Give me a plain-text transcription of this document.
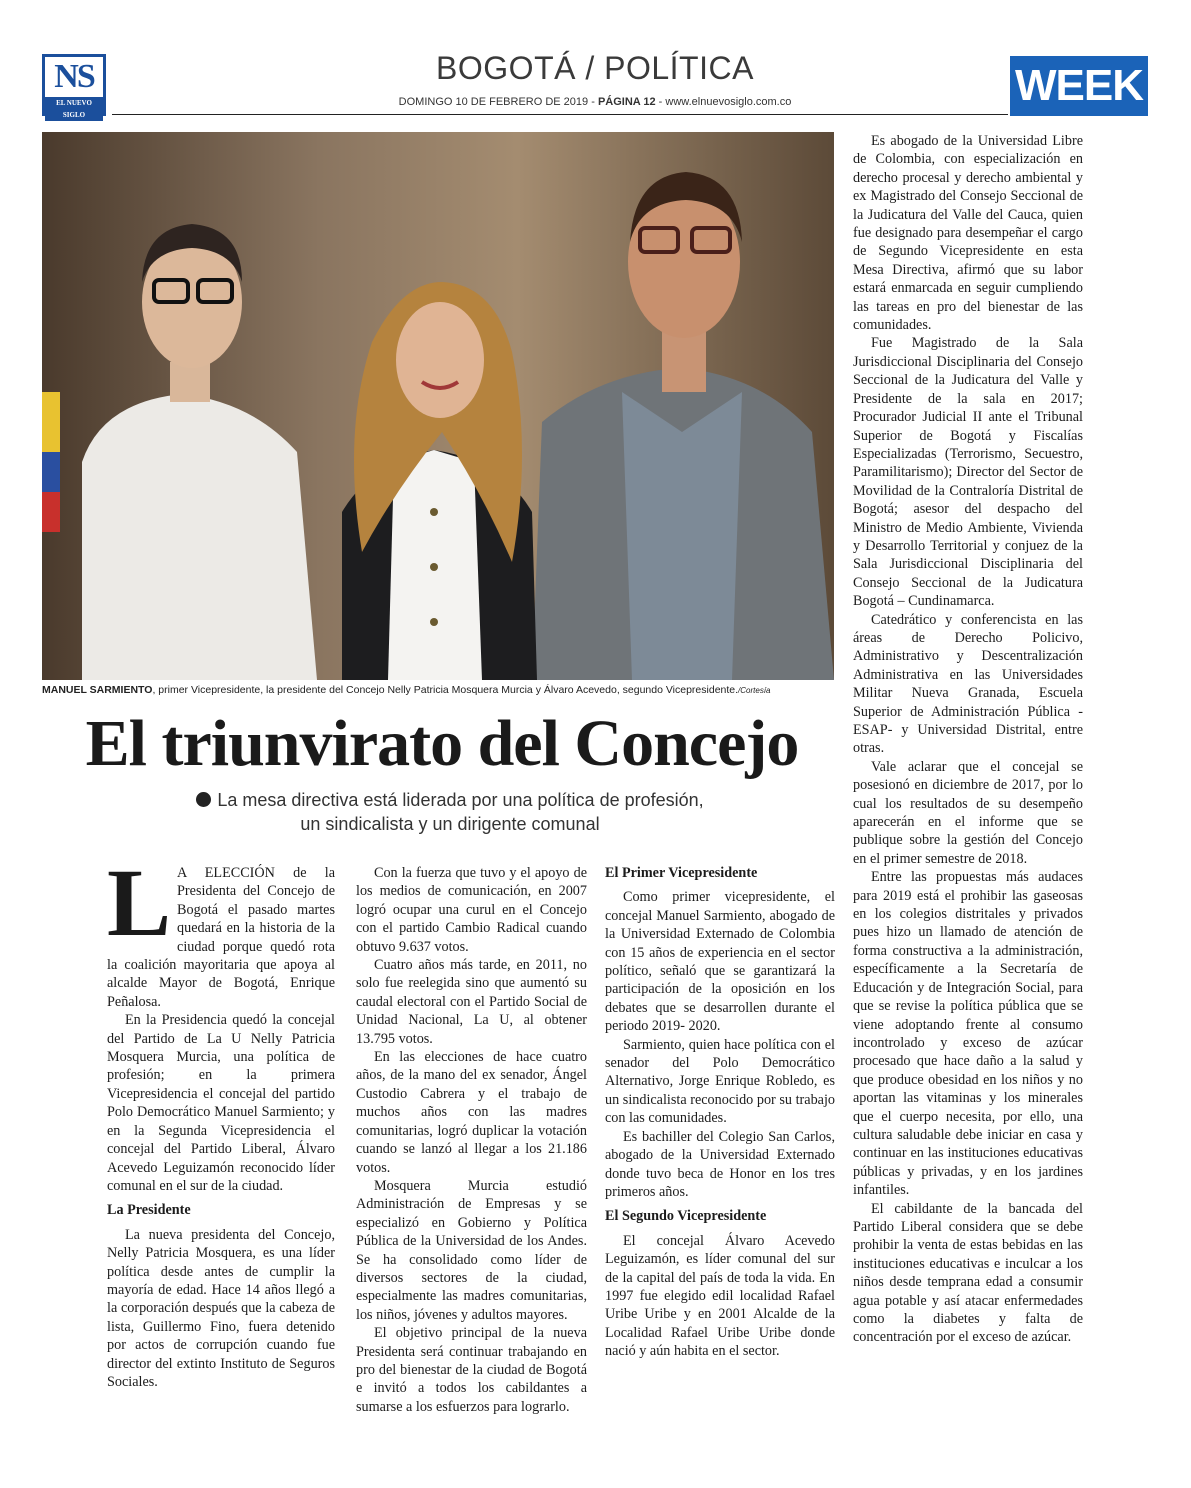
NS
EL NUEVO SIGLO
BOGOTÁ / POLÍTICA
DOMINGO 10 DE FEBRERO DE 2019 - PÁGINA 12 - www.elnuevosiglo.com.co	WEEK
MANUEL SARMIENTO, primer Vicepresidente, la presidente del Concejo Nelly Patricia Mosquera Murcia y Álvaro Acevedo, segundo Vicepresidente./Cortesía
El triunvirato del Concejo
La mesa directiva está liderada por una política de profesión,
un sindicalista y un dirigente comunal

L A ELECCIÓN de la Presidenta del Concejo de Bogotá el pasado martes quedará en la historia de la ciudad porque quedó rota la coalición mayoritaria que apoya al alcalde Mayor de Bogotá, Enrique Peñalosa.

En la Presidencia quedó la concejal del Partido de La U Nelly Patricia Mosquera Murcia, una política de profesión; en la primera Vicepresidencia el concejal del partido Polo Democrático Manuel Sarmiento; y en la Segunda Vicepresidencia el concejal del Partido Liberal, Álvaro Acevedo Leguizamón reconocido líder comunal en el sur de la ciudad.

La Presidente

La nueva presidenta del Concejo, Nelly Patricia Mosquera, es una líder política desde antes de cumplir la mayoría de edad. Hace 14 años llegó a la corporación después que la cabeza de lista, Guillermo Fino, fuera detenido por actos de corrupción cuando fue director del extinto Instituto de Seguros Sociales.

Con la fuerza que tuvo y el apoyo de los medios de comunicación, en 2007 logró ocupar una curul en el Concejo con el partido Cambio Radical cuando obtuvo 9.637 votos.

Cuatro años más tarde, en 2011, no solo fue reelegida sino que aumentó su caudal electoral con el Partido Social de Unidad Nacional, La U, al obtener 13.795 votos.

En las elecciones de hace cuatro años, de la mano del ex senador, Ángel Custodio Cabrera y el trabajo de muchos años con las madres comunitarias, logró duplicar la votación cuando se lanzó al llegar a los 21.186 votos.

Mosquera Murcia estudió Administración de Empresas y se especializó en Gobierno y Política Pública de la Universidad de los Andes. Se ha consolidado como líder de diversos sectores de la ciudad, especialmente las madres comunitarias, los niños, jóvenes y adultos mayores.

El objetivo principal de la nueva Presidenta será continuar trabajando en pro del bienestar de la ciudad de Bogotá e invitó a todos los cabildantes a sumarse a los esfuerzos para lograrlo.

El Primer Vicepresidente

Como primer vicepresidente, el concejal Manuel Sarmiento, abogado de la Universidad Externado de Colombia con 15 años de experiencia en el sector político, señaló que se garantizará la participación de la oposición en los debates que se desarrollen durante el periodo 2019- 2020.

Sarmiento, quien hace política con el senador del Polo Democrático Alternativo, Jorge Enrique Robledo, es un sindicalista reconocido por su trabajo con las comunidades.

Es bachiller del Colegio San Carlos, abogado de la Universidad Externado donde tuvo beca de Honor en los tres primeros años.

El Segundo Vicepresidente

El concejal Álvaro Acevedo Leguizamón, es líder comunal del sur de la capital del país de toda la vida. En 1997 fue elegido edil localidad Rafael Uribe Uribe y en 2001 Alcalde de la Localidad Rafael Uribe Uribe donde nació y aún habita en el sector.

Es abogado de la Universidad Libre de Colombia, con especialización en derecho procesal y derecho ambiental y ex Magistrado del Consejo Seccional de la Judicatura del Valle del Cauca, quien fue designado para desempeñar el cargo de Segundo Vicepresidente en esta Mesa Directiva, afirmó que su labor estará enmarcada en seguir cumpliendo las tareas en pro del bienestar de las comunidades.

Fue Magistrado de la Sala Jurisdiccional Disciplinaria del Consejo Seccional de la Judicatura del Valle y Presidente de la sala en 2017; Procurador Judicial II ante el Tribunal Superior de Bogotá y Fiscalías Especializadas (Terrorismo, Secuestro, Paramilitarismo); Director del Sector de Movilidad de la Contraloría Distrital de Bogotá; asesor del despacho del Ministro de Medio Ambiente, Vivienda y Desarrollo Territorial y conjuez de la Sala Jurisdiccional Disciplinaria del Consejo Seccional de la Judicatura Bogotá – Cundinamarca.

Catedrático y conferencista en las áreas de Derecho Policivo, Administrativo y Descentralización Administrativa en las Universidades Militar Nueva Granada, Escuela Superior de Administración Pública -ESAP- y Universidad Distrital, entre otras.

Vale aclarar que el concejal se posesionó en diciembre de 2017, por lo cual los resultados de su desempeño aparecerán en el informe que se publique sobre la gestión del Concejo en el primer semestre de 2018.

Entre las propuestas más audaces para 2019 está el prohibir las gaseosas en los colegios distritales y privados pues hizo un llamado de atención de forma constructiva a la administración, específicamente a la Secretaría de Educación y de Integración Social, para que se revise la política pública que se viene adoptando frente al consumo incontrolado y exceso de azúcar procesado que hace daño a la salud y que produce obesidad en los niños y no aportan las vitaminas y los minerales que el cuerpo necesita, por ello, una cultura saludable debe iniciar en casa y continuar en las instituciones educativas públicas y privadas, y en los jardines infantiles.

El cabildante de la bancada del Partido Liberal considera que se debe prohibir la venta de estas bebidas en las instituciones educativas e inculcar a los niños desde temprana edad a consumir agua potable y así atacar enfermedades como la diabetes y falta de concentración por el exceso de azúcar.
